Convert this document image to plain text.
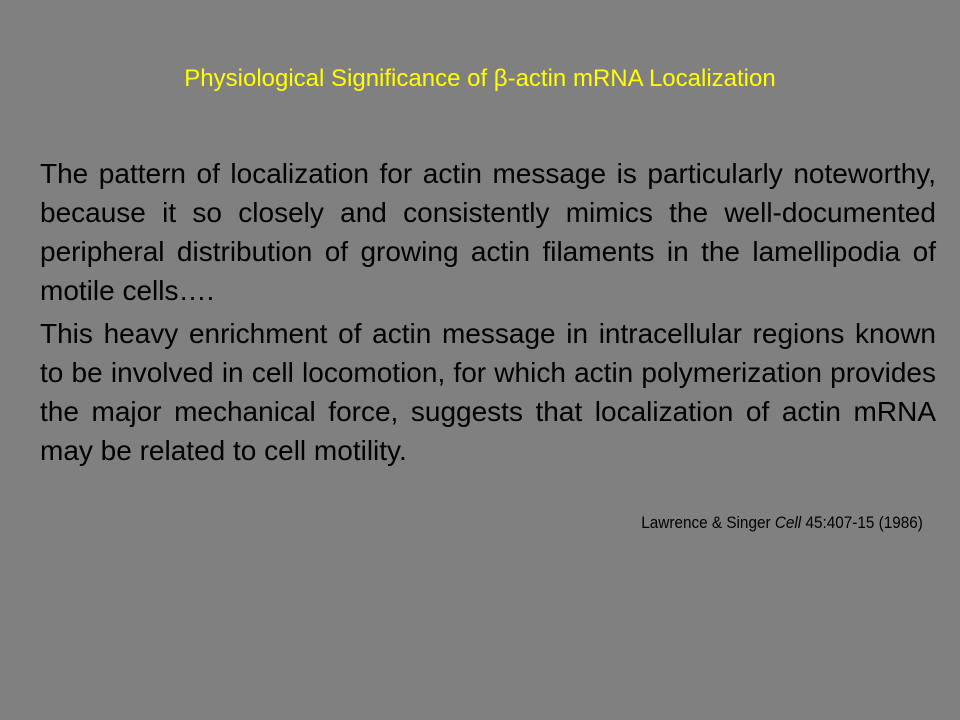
Physiological Significance of β-actin mRNA Localization

The pattern of localization for actin message is particularly noteworthy, because it so closely and consistently mimics the well-documented peripheral distribution of growing actin filaments in the lamellipodia of motile cells….

This heavy enrichment of actin message in intracellular regions known to be involved in cell locomotion, for which actin polymerization provides the major mechanical force, suggests that localization of actin mRNA may be related to cell motility.

Lawrence & Singer Cell 45:407-15 (1986)
